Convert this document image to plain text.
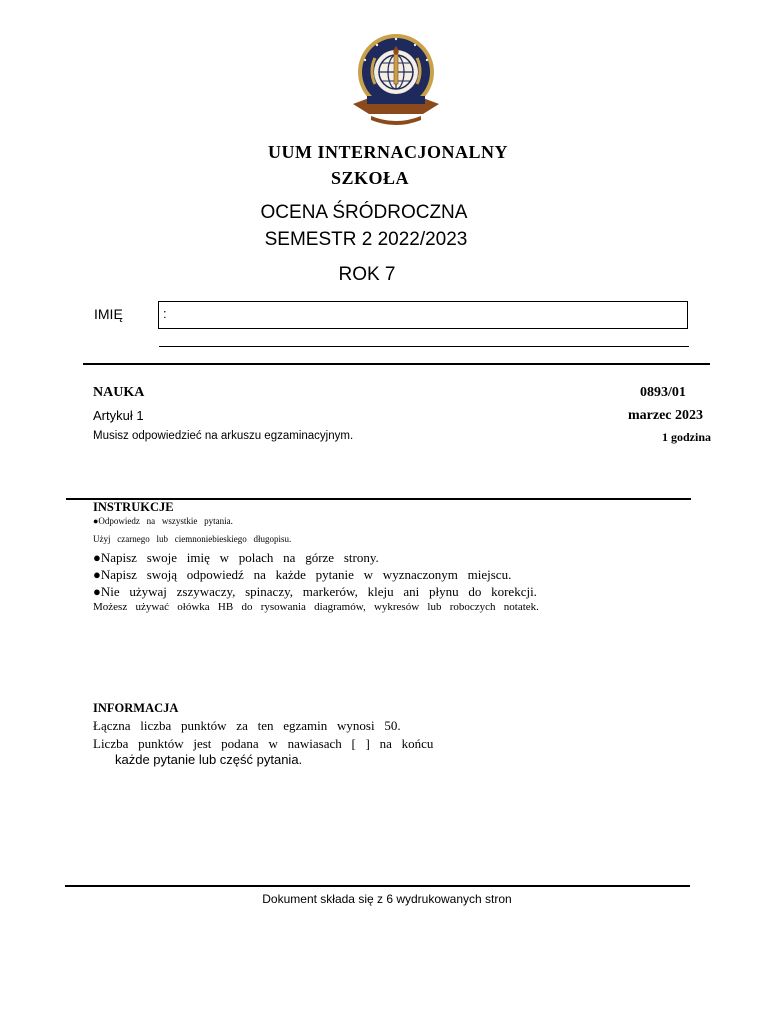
UUM INTERNACJONALNY
SZKOŁA
OCENA ŚRÓDROCZNA
SEMESTR 2 2022/2023
ROK 7
IMIĘ	:
NAUKA	0893/01
Artykuł 1	marzec 2023
Musisz odpowiedzieć na arkuszu egzaminacyjnym.	1 godzina
INSTRUKCJE
●Odpowiedz   na   wszystkie   pytania.
Użyj   czarnego   lub   ciemnoniebieskiego   długopisu.
●Napisz   swoje   imię   w   polach   na   górze   strony.
●Napisz   swoją   odpowiedź   na   każde   pytanie   w   wyznaczonym   miejscu.
●Nie   używaj   zszywaczy,   spinaczy,   markerów,   kleju   ani   płynu   do   korekcji.
Możesz   używać   ołówka   HB   do   rysowania   diagramów,   wykresów   lub   roboczych   notatek.
INFORMACJA
Łączna   liczba   punktów   za   ten   egzamin   wynosi   50.
Liczba   punktów   jest   podana   w   nawiasach   [   ]   na   końcu
każde pytanie lub część pytania.
Dokument składa się z 6 wydrukowanych stron
